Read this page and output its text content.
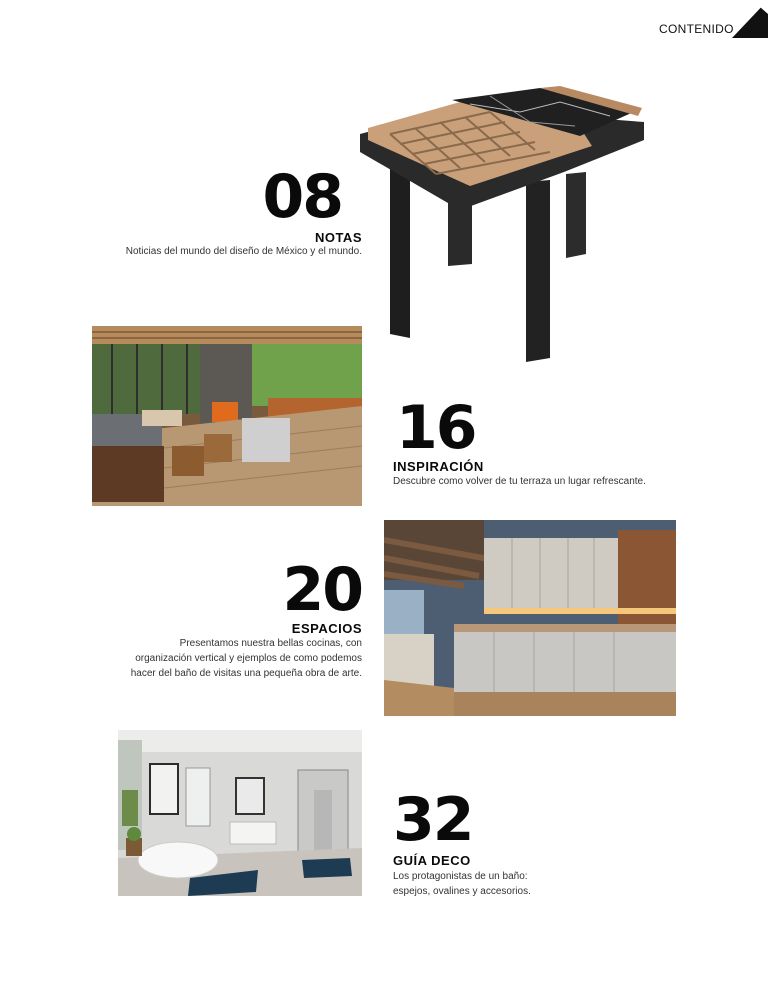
CONTENIDO
08
NOTAS
Noticias del mundo del diseño de México y el mundo.
16
INSPIRACIÓN
Descubre como volver de tu terraza un lugar refrescante.
20
ESPACIOS
Presentamos nuestra bellas cocinas, con
organización vertical y ejemplos de como podemos
hacer del baño de visitas una pequeña obra de arte.
32
GUÍA DECO
Los protagonistas de un baño:
espejos, ovalines y accesorios.
